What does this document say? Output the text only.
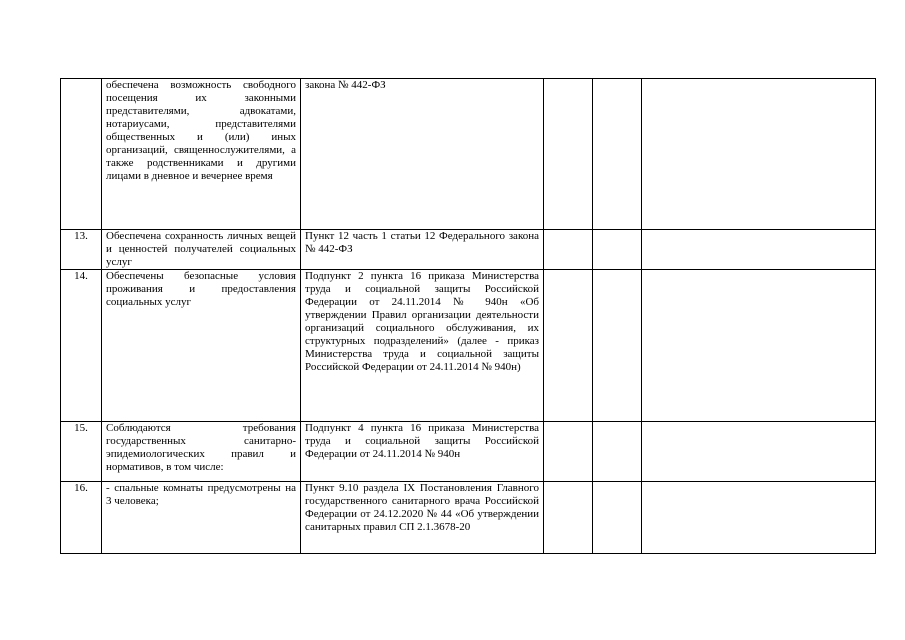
	обеспечена возможность свободного посещения их законными представителями, адвокатами, нотариусами, представителями общественных и (или) иных организаций, священнослужителями, а также родственниками и другими лицами в дневное и вечернее время	закона № 442-ФЗ			
13.	Обеспечена сохранность личных вещей и ценностей получателей социальных услуг	Пункт 12 часть 1 статьи 12 Федерального закона № 442-ФЗ			
14.	Обеспечены безопасные условия проживания и предоставления социальных услуг	Подпункт 2 пункта 16 приказа Министерства труда и социальной защиты Российской Федерации от 24.11.2014 № 940н «Об утверждении Правил организации деятельности организаций социального обслуживания, их структурных подразделений» (далее - приказ Министерства труда и социальной защиты Российской Федерации от 24.11.2014 № 940н)			
15.	Соблюдаются требования государственных санитарно-эпидемиологических правил и нормативов, в том числе:	Подпункт 4 пункта 16 приказа Министерства труда и социальной защиты Российской Федерации от 24.11.2014 № 940н			
16.	- спальные комнаты предусмотрены на 3 человека;	Пункт 9.10 раздела IX Постановления Главного государственного санитарного врача Российской Федерации от 24.12.2020 № 44 «Об утверждении санитарных правил СП 2.1.3678-20			
